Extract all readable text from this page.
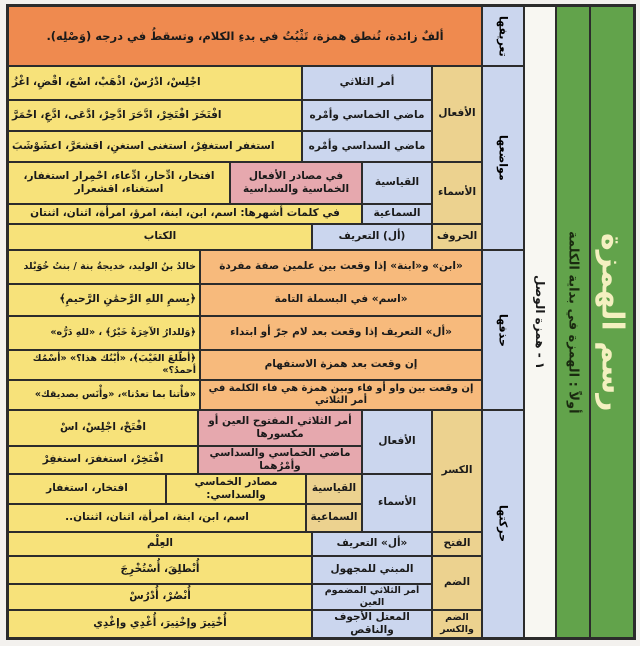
رسم الهمزة
أولاً : الهمزة في بداية الكلمة
١ - همزة الوصل
تعريفها
مواضعها
حذفها
حركتها
ألفٌ زائدة، تُنطق همزة، تَثْبُتُ في بدءِ الكلام، وتسقطُ في درجه (وَصْلِه).
الأفعال
أمر الثلاثي
اجْلِسْ، ادْرُسْ، اذْهَبْ، اسْعَ، اقْضِ، اغْزُ
ماضي الخماسي وأمْره
افْتَخَرَ افْتَخِرْ، ادَّحَرَ ادَّحِرْ، ادَّعَى، ادَّعِ، احْمَرَّ
ماضي السداسي وأمْره
استغفر استغفِرْ، استغنى استغنِ، اقشعَرَّ، اعشَوْشَبَ
الأسماء
القياسية
في مصادر الأفعال الخماسية والسداسية
افتخار، ادِّحار، ادِّعاء، احْمِرار استغفار، استغناء، اقشعرار
السماعية
في كلمات أشهرها: اسم، ابن، ابنة، امرؤ، امرأة، اثنان، اثنتان
الحروف
(أل) التعريف
الكتاب
«ابن» و«ابنة» إذا وقعت بين علمين صفة مفردة
خالدُ بنُ الوليد، خديجةُ بنة / بنتُ خُوَيْلد
«اسم» في البسملة التامة
﴿بِسمِ اللهِ الرَّحمَٰنِ الرَّحيمِ﴾
«أل» التعريف إذا وقعت بعد لام جرّ أو ابتداء
﴿وَللدارُ الآخِرَةُ خَيْرٌ﴾ ، «للهِ دَرُّه»
إن وقعت بعد همزة الاستفهام
﴿أطّلعَ الغَيْبَ﴾، «أبْنُك هذا؟» «أسْمُك أحمدُ؟»
إن وقعت بين واو أو فاء وبين همزة هي فاء الكلمة في أمر الثلاثي
«فأْتنا بما تعدُنا»، «وأْنَس بصديقك»
الكسر
الأفعال
أمر الثلاثي المفتوح العين أو مكسورها
افْتَحْ، اجْلِسْ، اسْ
ماضي الخماسي والسداسي وأمْرُهما
افْتَخِرْ، استغفرَ، استغفِرْ
الأسماء
القياسية
مصادر الخماسي والسداسي:
افتخار، استغفار
السماعية
اسم، ابن، ابنة، امرأة، اثنان، اثنتان..
الفتح
«أل» التعريف
العِلْم
الضم
المبني للمجهول
أُنْطلِقَ، أُسْتُخْرِجَ
أمر الثلاثي المضموم العين
أُنْصُرْ، أُدْرُسْ
الضم والكسر
المعتل الأجوف والناقص
أُخْتِيرَ وإخْتِيرَ، أُغْدِي وإغْدِي
